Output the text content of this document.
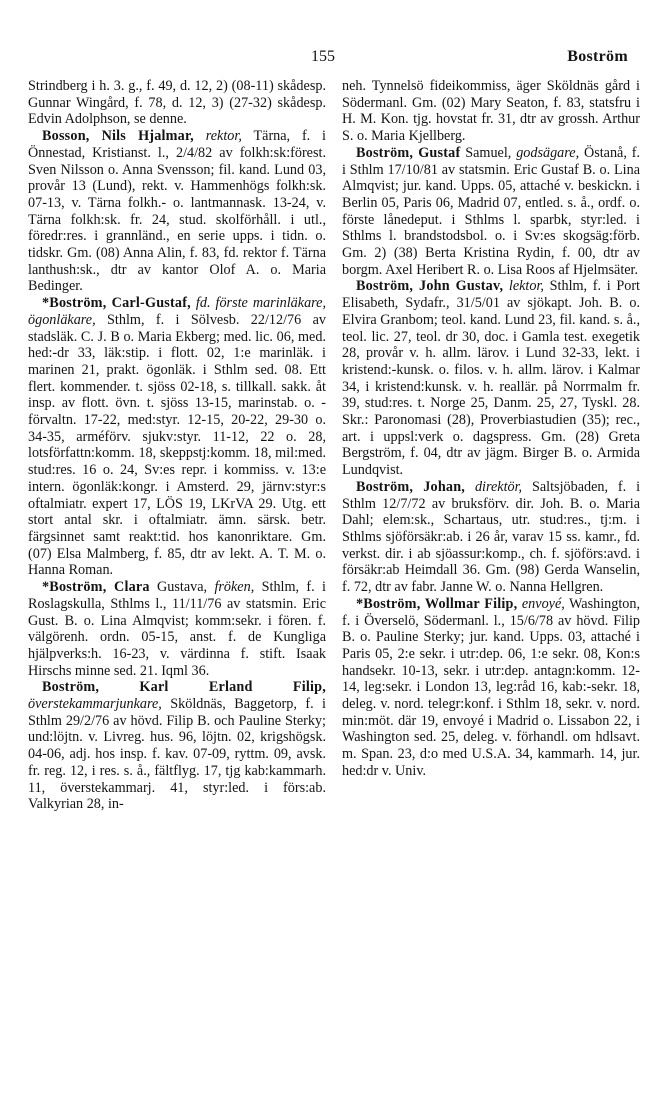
155	Boström

Strindberg i h. 3. g., f. 49, d. 12, 2) (08-11) skådesp. Gunnar Wingård, f. 78, d. 12, 3) (27-32) skådesp. Edvin Adolphson, se denne.

Bosson, Nils Hjalmar, rektor, Tärna, f. i Önnestad, Kristianst. l., 2/4/82 av folkh:sk:förest. Sven Nilsson o. Anna Svensson; fil. kand. Lund 03, provår 13 (Lund), rekt. v. Hammenhögs folkh:sk. 07-13, v. Tärna folkh.- o. lantmannask. 13-24, v. Tärna folkh:sk. fr. 24, stud. skolförhåll. i utl., föredr:res. i grannländ., en serie upps. i tidn. o. tidskr. Gm. (08) Anna Alin, f. 83, fd. rektor f. Tärna lanthush:sk., dtr av kantor Olof A. o. Maria Bedinger.

*Boström, Carl-Gustaf, fd. förste marinläkare, ögonläkare, Sthlm, f. i Sölvesb. 22/12/76 av stadsläk. C. J. B o. Maria Ekberg; med. lic. 06, med. hed:-dr 33, läk:stip. i flott. 02, 1:e marinläk. i marinen 21, prakt. ögonläk. i Sthlm sed. 08. Ett flert. kommendеr. t. sjöss 02-18, s. tillkall. sakk. åt insp. av flott. övn. t. sjöss 13-15, marinstab. o. -förvaltn. 17-22, med:styr. 12-15, 20-22, 29-30 o. 34-35, arméförv. sjukv:styr. 11-12, 22 o. 28, lotsförfattn:komm. 18, skeppstj:komm. 18, mil:med. stud:res. 16 o. 24, Sv:es repr. i kommiss. v. 13:e intern. ögonläk:kongr. i Amsterd. 29, järnv:styr:s oftalmiatr. expert 17, LÖS 19, LKrVA 29. Utg. ett stort antal skr. i oftalmiatr. ämn. särsk. betr. färgsinnet samt reakt:tid. hos kanonriktare. Gm. (07) Elsa Malmberg, f. 85, dtr av lekt. A. T. M. o. Hanna Roman.

*Boström, Clara Gustava, fröken, Sthlm, f. i Roslagskulla, Sthlms l., 11/11/76 av statsmin. Eric Gust. B. o. Lina Almqvist; komm:sekr. i fören. f. välgörenh. ordn. 05-15, anst. f. de Kungliga hjälpverks:h. 16-23, v. värdinna f. stift. Isaak Hirschs minne sed. 21. Iqml 36.

Boström, Karl Erland Filip, överstekammarjunkare, Sköldnäs, Baggetorp, f. i Sthlm 29/2/76 av hövd. Filip B. och Pauline Sterky; und:löjtn. v. Livreg. hus. 96, löjtn. 02, krigshögsk. 04-06, adj. hos insp. f. kav. 07-09, ryttm. 09, avsk. fr. reg. 12, i res. s. å., fältflyg. 17, tjg kab:kammarh. 11, överstekammarj. 41, styr:led. i förs:ab. Valkyrian 28, in-

neh. Tynnelsö fideikommiss, äger Sköldnäs gård i Södermanl. Gm. (02) Mary Seaton, f. 83, statsfru i H. M. Kon. tjg. hovstat fr. 31, dtr av grossh. Arthur S. o. Maria Kjellberg.

Boström, Gustaf Samuel, godsägare, Östanå, f. i Sthlm 17/10/81 av statsmin. Eric Gustaf B. o. Lina Almqvist; jur. kand. Upps. 05, attaché v. beskickn. i Berlin 05, Paris 06, Madrid 07, entled. s. å., ordf. o. förste lånedeput. i Sthlms l. sparbk, styr:led. i Sthlms l. brandstodsbol. o. i Sv:es skogsäg:förb. Gm. 2) (38) Berta Kristina Rydin, f. 00, dtr av borgm. Axel Heribert R. o. Lisa Roos af Hjelmsäter.

Boström, John Gustav, lektor, Sthlm, f. i Port Elisabeth, Sydafr., 31/5/01 av sjökapt. Joh. B. o. Elvira Granbom; teol. kand. Lund 23, fil. kand. s. å., teol. lic. 27, teol. dr 30, doc. i Gamla test. exegetik 28, provår v. h. allm. lärov. i Lund 32-33, lekt. i kristend:-kunsk. o. filos. v. h. allm. lärov. i Kalmar 34, i kristend:kunsk. v. h. reallär. på Norrmalm fr. 39, stud:res. t. Norge 25, Danm. 25, 27, Tyskl. 28. Skr.: Paronomasi (28), Proverbiastudien (35); rec., art. i uppsl:verk o. dagspress. Gm. (28) Greta Bergström, f. 04, dtr av jägm. Birger B. o. Armida Lundqvist.

Boström, Johan, direktör, Saltsjöbaden, f. i Sthlm 12/7/72 av bruksförv. dir. Joh. B. o. Maria Dahl; elem:sk., Schartaus, utr. stud:res., tj:m. i Sthlms sjöförsäkr:ab. i 26 år, varav 15 ss. kamr., fd. verkst. dir. i ab sjöassur:komp., ch. f. sjöförs:avd. i försäkr:ab Heimdall 36. Gm. (98) Gerda Wanselin, f. 72, dtr av fabr. Janne W. o. Nanna Hellgren.

*Boström, Wollmar Filip, envoyé, Washington, f. i Överselö, Södermanl. l., 15/6/78 av hövd. Filip B. o. Pauline Sterky; jur. kand. Upps. 03, attaché i Paris 05, 2:e sekr. i utr:dep. 06, 1:e sekr. 08, Kon:s handsekr. 10-13, sekr. i utr:dep. antagn:komm. 12-14, leg:sekr. i London 13, leg:råd 16, kab:-sekr. 18, deleg. v. nord. telegr:konf. i Sthlm 18, sekr. v. nord. min:möt. där 19, envoyé i Madrid o. Lissabon 22, i Washington sed. 25, deleg. v. förhandl. om hdlsavt. m. Span. 23, d:o med U.S.A. 34, kammarh. 14, jur. hed:dr v. Univ.
